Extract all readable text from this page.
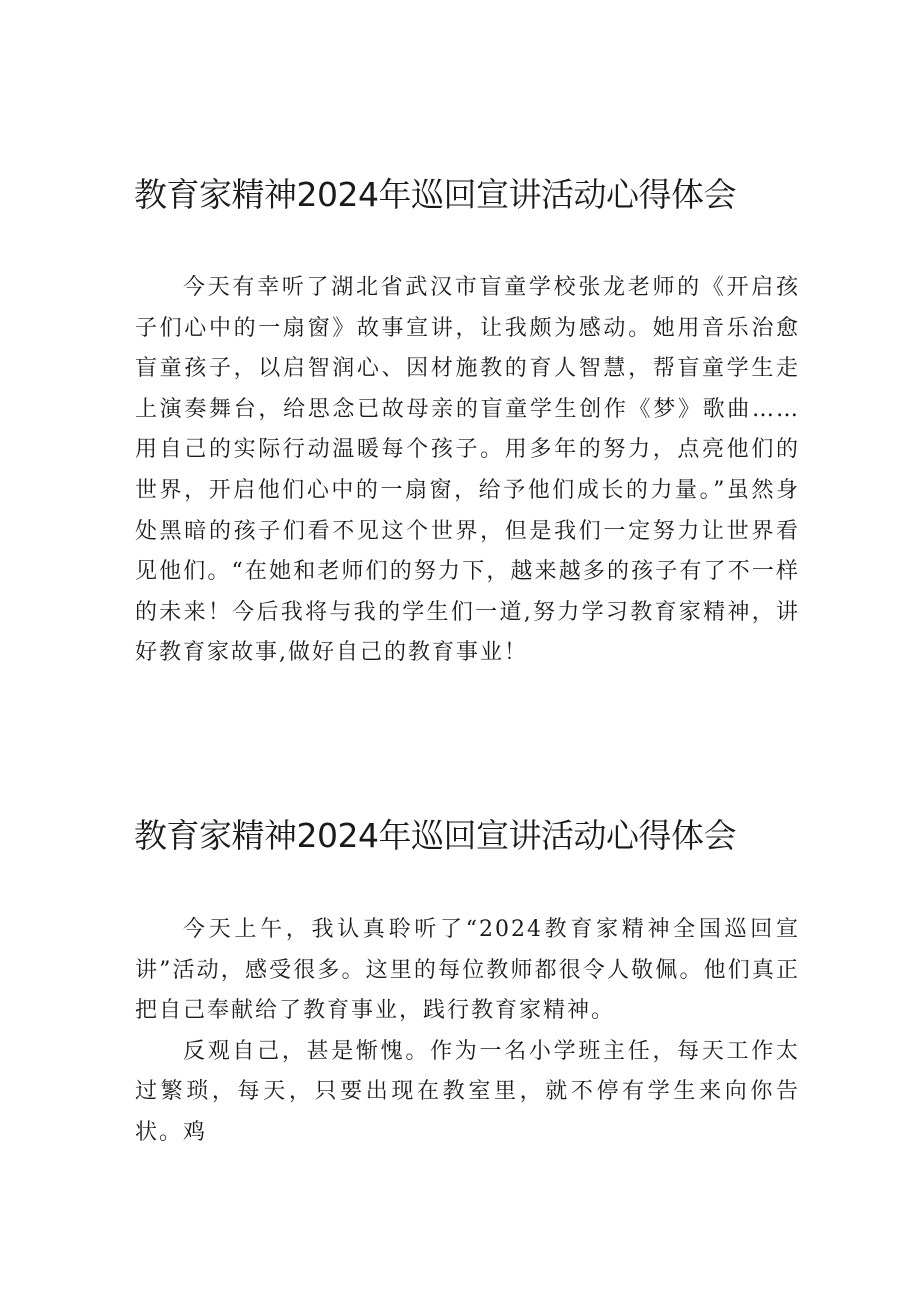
教育家精神2024年巡回宣讲活动心得体会

今天有幸听了湖北省武汉市盲童学校张龙老师的《开启孩子们心中的一扇窗》故事宣讲，让我颇为感动。她用音乐治愈盲童孩子，以启智润心、因材施教的育人智慧，帮盲童学生走上演奏舞台，给思念已故母亲的盲童学生创作《梦》歌曲……用自己的实际行动温暖每个孩子。用多年的努力，点亮他们的世界，开启他们心中的一扇窗，给予他们成长的力量。”虽然身处黑暗的孩子们看不见这个世界，但是我们一定努力让世界看见他们。“在她和老师们的努力下，越来越多的孩子有了不一样的未来！今后我将与我的学生们一道,努力学习教育家精神，讲好教育家故事,做好自己的教育事业！

教育家精神2024年巡回宣讲活动心得体会

今天上午，我认真聆听了“2024教育家精神全国巡回宣讲”活动，感受很多。这里的每位教师都很令人敬佩。他们真正把自己奉献给了教育事业，践行教育家精神。

反观自己，甚是惭愧。作为一名小学班主任，每天工作太过繁琐，每天，只要出现在教室里，就不停有学生来向你告状。鸡
